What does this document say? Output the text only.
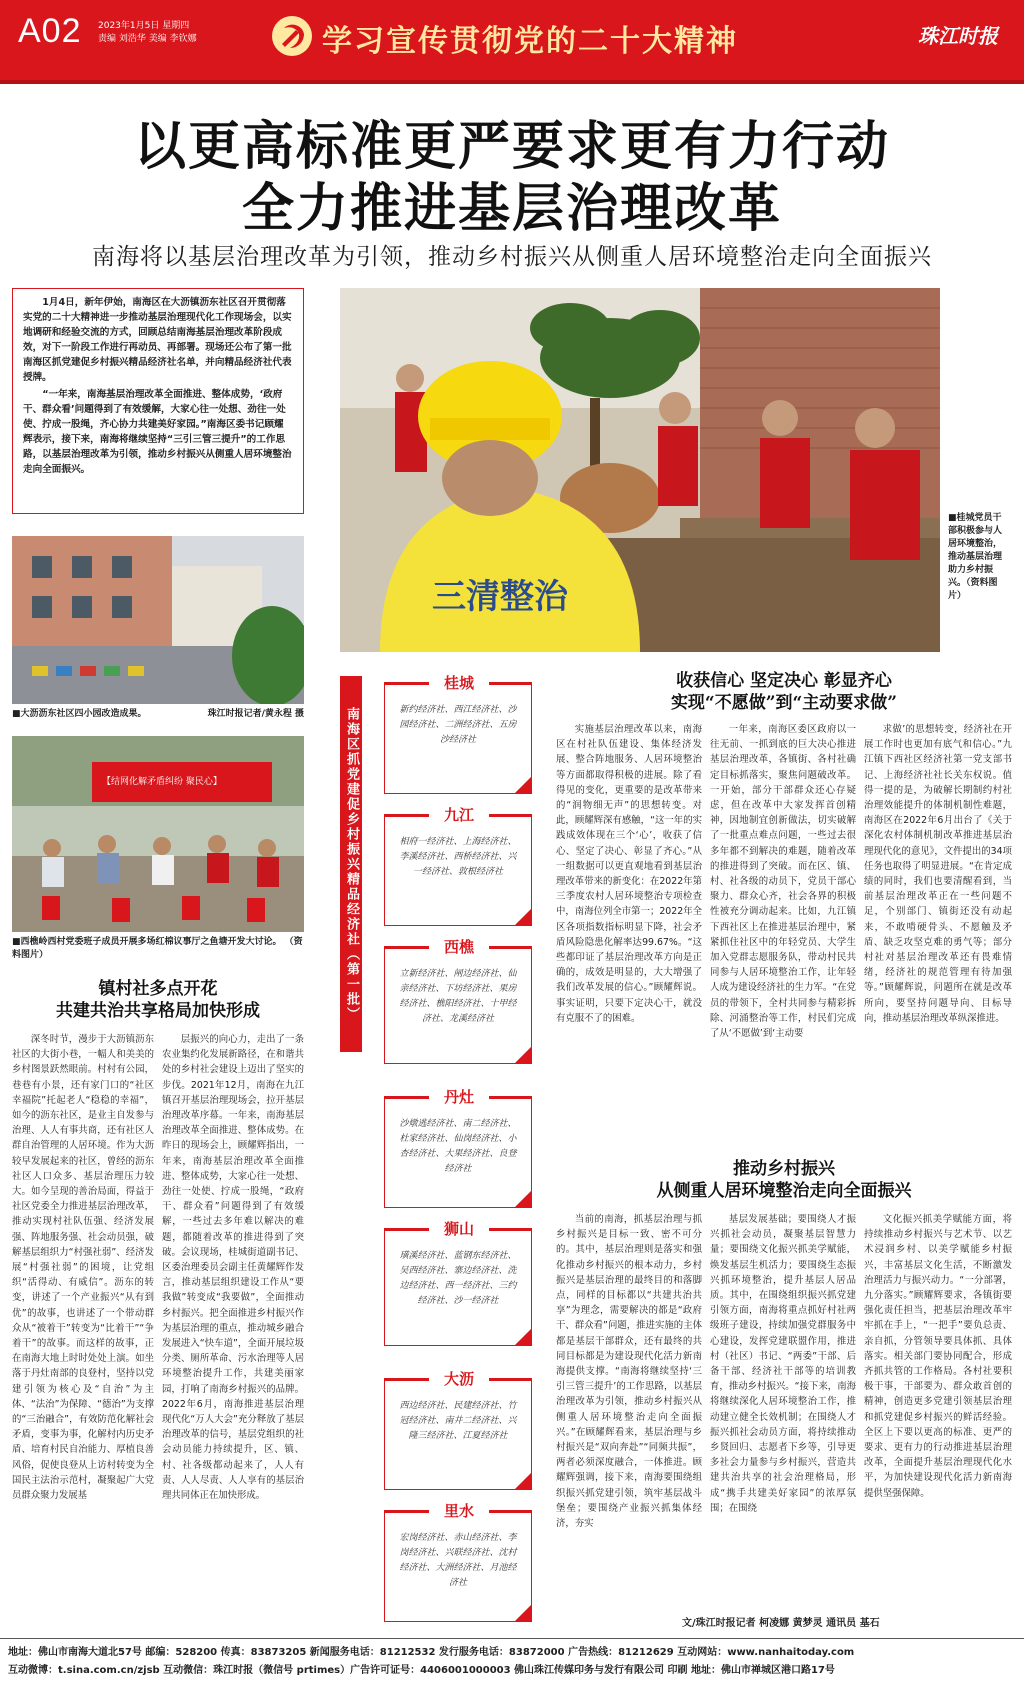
A02 2023年1月5日 星期四
责编 刘浩华 美编 李钦娜	学习宣传贯彻党的二十大精神	珠江时报
以更高标准更严要求更有力行动
全力推进基层治理改革
南海将以基层治理改革为引领，推动乡村振兴从侧重人居环境整治走向全面振兴

1月4日，新年伊始，南海区在大沥镇沥东社区召开贯彻落实党的二十大精神进一步推动基层治理现代化工作现场会，以实地调研和经验交流的方式，回顾总结南海基层治理改革阶段成效，对下一阶段工作进行再动员、再部署。现场还公布了第一批南海区抓党建促乡村振兴精品经济社名单，并向精品经济社代表授牌。

“一年来，南海基层治理改革全面推进、整体成势，‘政府干、群众看’问题得到了有效缓解，大家心往一处想、劲往一处使、拧成一股绳，齐心协力共建美好家园。”南海区委书记顾耀辉表示，接下来，南海将继续坚持“三引三管三提升”的工作思路，以基层治理改革为引领，推动乡村振兴从侧重人居环境整治走向全面振兴。

三清整治
■桂城党员干部积极参与人居环境整治，推动基层治理助力乡村振兴。（资料图片）
■大沥沥东社区四小园改造成果。	珠江时报记者/黄永程 摄
【结网化解矛盾纠纷 聚民心】
■西樵岭西村党委班子成员开展多场红棉议事厅之鱼塘开发大讨论。 （资料图片）
镇村社多点开花
共建共治共享格局加快形成

深冬时节，漫步于大沥镇沥东社区的大街小巷，一幅人和美美的乡村图景跃然眼前。村村有公园，巷巷有小景，还有家门口的“社区幸福院”托起老人“稳稳的幸福”，如今的沥东社区，是业主自发参与治理、人人有事共商，还有社区人群自治管理的人居环境。作为大沥较早发展起来的社区，曾经的沥东社区人口众多、基层治理压力较大。如今呈现的善治局面，得益于社区党委全力推进基层治理改革，推动实现村社队伍强、经济发展强、阵地服务强、社会动员强，破解基层组织力“村强社弱”、经济发展“村强社弱”的困境，让党组织“活得动、有威信”。沥东的转变，讲述了一个产业振兴“从有到优”的故事，也讲述了一个带动群众从“被着干”转变为“比着干”“争着干”的故事。而这样的故事，正在南海大地上时时处处上演。如坐落于丹灶南部的良登村，坚持以党建引领为核心及“自治”为主体、“法治”为保障、“德治”为支撑的“三治融合”，有效防范化解社会矛盾，变事为事，化解村内历史矛盾、培育村民自治能力、厚植良善风俗，促使良登从上访村转变为全国民主法治示范村，凝聚起广大党员群众聚力发展基

层振兴的向心力，走出了一条农业集约化发展新路径，在和谐共处的乡村社会建设上迈出了坚实的步伐。2021年12月，南海在九江镇召开基层治理现场会，拉开基层治理改革序幕。一年来，南海基层治理改革全面推进、整体成势。在昨日的现场会上，顾耀辉指出，一年来，南海基层治理改革全面推进、整体成势，大家心往一处想、劲往一处使、拧成一股绳，“政府干、群众看”问题得到了有效缓解，一些过去多年难以解决的难题，都随着改革的推进得到了突破。会议现场，桂城街道副书记、区委治理委员会副主任黄耀辉作发言，推动基层组织建设工作从“要我做”转变成“我要做”，全面推动乡村振兴。把全面推进乡村振兴作为基层治理的重点，推动城乡融合发展进入“快车道”，全面开展垃圾分类、厕所革命、污水治理等人居环境整治提升工作，共建美丽家园，打响了南海乡村振兴的品牌。2022年6月，南海推进基层治理现代化“万人大会”充分释放了基层治理改革的信号，基层党组织的社会动员能力持续提升，区、镇、村、社各级都动起来了，人人有责、人人尽责、人人享有的基层治理共同体正在加快形成。

南海区抓党建促乡村振兴精品经济社（第一批）
桂城
新约经济社、西江经济社、沙园经济社、二洲经济社、五房沙经济社
九江
相府一经济社、上海经济社、李溪经济社、西桥经济社、兴一经济社、敦根经济社
西樵
立新经济社、闸边经济社、仙亲经济社、下坊经济社、果房经济社、樵阳经济社、十甲经济社、龙溪经济社
丹灶
沙燉逃经济社、南二经济社、杜家经济社、仙岗经济社、小杏经济社、大果经济社、良登经济社
狮山
璜溪经济社、蓝钢东经济社、吴西经济社、寨边经济社、洗边经济社、西一经济社、三约经济社、沙一经济社
大沥
西边经济社、民建经济社、竹冠经济社、南井二经济社、兴隆三经济社、江夏经济社
里水
宏岗经济社、赤山经济社、李岗经济社、兴联经济社、沈村经济社、大洲经济社、月池经济社
收获信心 坚定决心 彰显齐心
实现“不愿做”到“主动要求做”

实施基层治理改革以来，南海区在村社队伍建设、集体经济发展、整合阵地服务、人居环境整治等方面都取得积极的进展。除了看得见的变化，更重要的是改革带来的“润物细无声”的思想转变。对此，顾耀辉深有感触，“这一年的实践成效体现在三个‘心’，收获了信心、坚定了决心、彰显了齐心。”从一组数据可以更直观地看到基层治理改革带来的新变化：在2022年第三季度农村人居环境整治专项检查中，南海位列全市第一；2022年全区各项指数指标明显下降，社会矛盾风险隐患化解率达99.67%。“这些都印证了基层治理改革方向是正确的，成效是明显的，大大增强了我们改革发展的信心。”顾耀辉说。事实证明，只要下定决心干，就没有克服不了的困难。

一年来，南海区委区政府以一往无前、一抓到底的巨大决心推进基层治理改革，各镇街、各村社确定目标抓落实，聚焦问题破改革。一开始，部分干部群众还心存疑虑，但在改革中大家发挥首创精神，因地制宜创新做法，切实破解了一批重点难点问题，一些过去很多年都不到解决的难题，随着改革的推进得到了突破。而在区、镇、村、社各级的动员下，党员干部心聚力、群众心齐，社会各界的积极性被充分调动起来。比如，九江镇下西社区上在推进基层治理中，紧紧抓住社区中的年轻党员、大学生加入党群志愿服务队，带动村民共同参与人居环境整治工作，让年轻人成为建设经济社的生力军。“在党员的带领下，全村共同参与精彩拆除、河涌整治等工作，村民们完成了从‘不愿做’到‘主动要

求做’的思想转变，经济社在开展工作时也更加有底气和信心。”九江镇下西社区经济社第一党支部书记、上海经济社社长关东权说。值得一提的是，为破解长期制约村社治理效能提升的体制机制性难题，南海区在2022年6月出台了《关于深化农村体制机制改革推进基层治理现代化的意见》，文件提出的34项任务也取得了明显进展。“在肯定成绩的同时，我们也要清醒看到，当前基层治理改革正在一些问题不足，个别部门、镇街还没有动起来，不敢啃硬骨头、不愿触及矛盾、缺乏攻坚克难的勇气等；部分村社对基层治理改革还有畏难情绪，经济社的规范管理有待加强等。”顾耀辉说，问题所在就是改革所向，要坚持问题导向、目标导向，推动基层治理改革纵深推进。

推动乡村振兴
从侧重人居环境整治走向全面振兴

当前的南海，抓基层治理与抓乡村振兴是目标一致、密不可分的。其中，基层治理则是落实和强化推动乡村振兴的根本动力，乡村振兴是基层治理的最终目的和落脚点，同样的目标都以“共建共治共享”为理念，需要解决的都是“政府干、群众看”问题，推进实施的主体都是基层干部群众，还有最终的共同目标都是为建设现代化活力新南海提供支撑。“南海将继续坚持‘三引三管三提升’的工作思路，以基层治理改革为引领，推动乡村振兴从侧重人居环境整治走向全面振兴。”在顾耀辉看来，基层治理与乡村振兴是“双向奔赴”“同频共振”，两者必须深度融合，一体推进。顾耀辉强调，接下来，南海要围绕组织振兴抓党建引领，筑牢基层战斗堡垒；要围绕产业振兴抓集体经济，夯实

基层发展基础；要围绕人才振兴抓社会动员，凝聚基层智慧力量；要围绕文化振兴抓美学赋能，焕发基层生机活力；要围绕生态振兴抓环境整治，提升基层人居品质。其中，在围绕组织振兴抓党建引领方面，南海将重点抓好村社两级班子建设，持续加强党群服务中心建设，发挥党建联盟作用，推进村（社区）书记、“两委”干部、后备干部、经济社干部等的培训教育，推动乡村振兴。“接下来，南海将继续深化人居环境整治工作，推动建立健全长效机制；在围绕人才振兴抓社会动员方面，将持续推动乡贤回归、志愿者下乡等，引导更多社会力量参与乡村振兴，营造共建共治共享的社会治理格局，形成“携手共建美好家园”的浓厚氛围；在围绕

文化振兴抓美学赋能方面，将持续推动乡村振兴与艺术节、以艺术浸润乡村、以美学赋能乡村振兴，丰富基层文化生活，不断激发治理活力与振兴动力。“一分部署，九分落实。”顾耀辉要求，各镇街要强化责任担当，把基层治理改革牢牢抓在手上，“一把手”要负总责、亲自抓，分管领导要具体抓、具体落实。相关部门要协同配合，形成齐抓共管的工作格局。各村社要积极干事，干部要为、群众敢首创的精神，创造更多党建引领基层治理和抓党建促乡村振兴的鲜活经验。全区上下要以更高的标准、更严的要求、更有力的行动推进基层治理改革，全面提升基层治理现代化水平，为加快建设现代化活力新南海提供坚强保障。

文/珠江时报记者 柯凌娜 黄梦灵 通讯员 基石
地址：佛山市南海大道北57号 邮编：528200 传真：83873205 新闻服务电话：81212532 发行服务电话：83872000 广告热线：81212629 互动网站：www.nanhaitoday.com
互动微博：t.sina.com.cn/zjsb 互动微信：珠江时报（微信号 prtimes）广告许可证号：4406001000003 佛山珠江传媒印务与发行有限公司 印刷 地址：佛山市禅城区港口路17号
